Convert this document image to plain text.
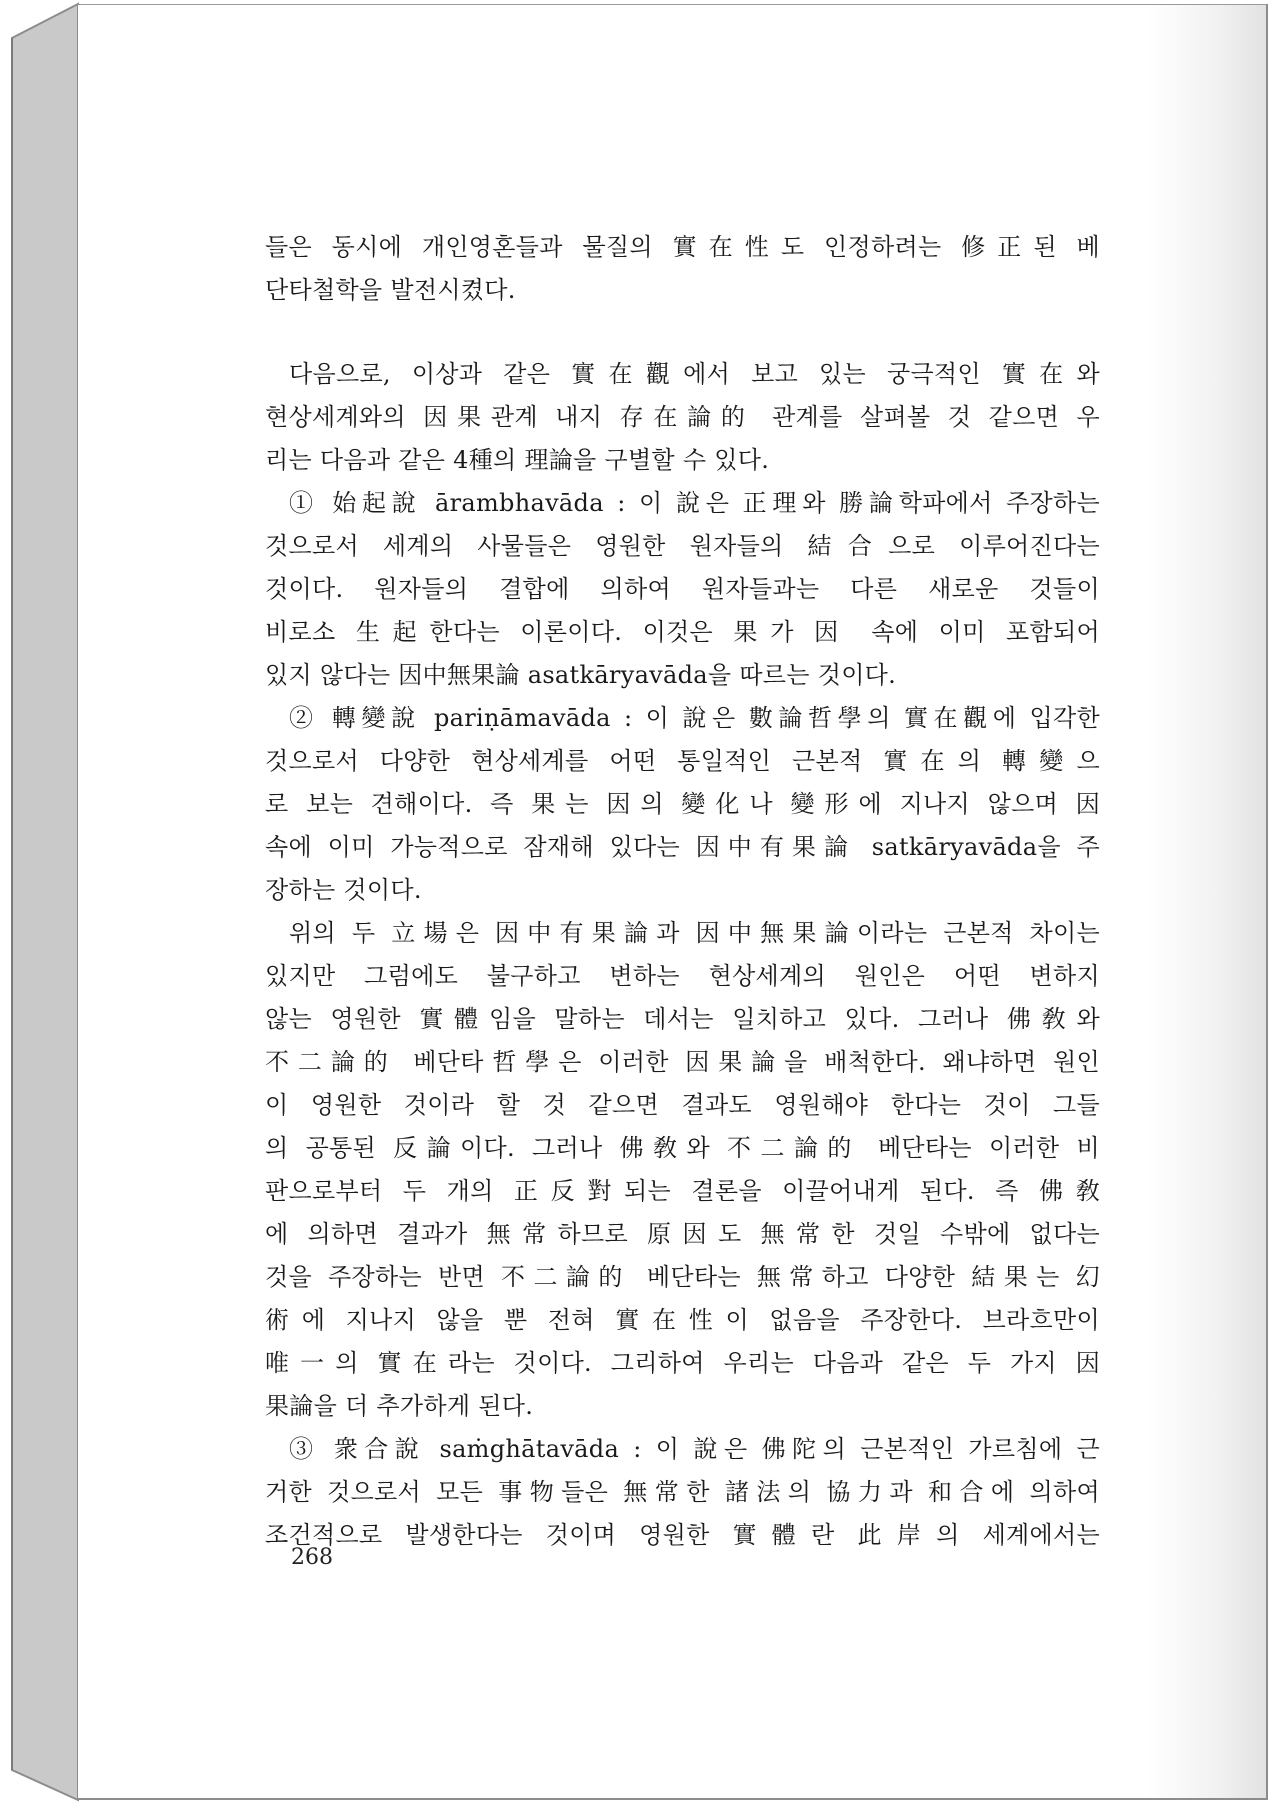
들은 동시에 개인영혼들과 물질의 實在性도 인정하려는 修正된 베
단타철학을 발전시켰다.
다음으로, 이상과 같은 實在觀에서 보고 있는 궁극적인 實在와
현상세계와의 因果관계 내지 存在論的 관계를 살펴볼 것 같으면 우
리는 다음과 같은 4種의 理論을 구별할 수 있다.
① 始起說 ārambhavāda : 이 說은 正理와 勝論학파에서 주장하는
것으로서 세계의 사물들은 영원한 원자들의 結合으로 이루어진다는
것이다. 원자들의 결합에 의하여 원자들과는 다른 새로운 것들이
비로소 生起한다는 이론이다. 이것은 果가 因 속에 이미 포함되어
있지 않다는 因中無果論 asatkāryavāda을 따르는 것이다.
② 轉變說 pariṇāmavāda : 이 說은 數論哲學의 實在觀에 입각한
것으로서 다양한 현상세계를 어떤 통일적인 근본적 實在의 轉變으
로 보는 견해이다. 즉 果는 因의 變化나 變形에 지나지 않으며 因
속에 이미 가능적으로 잠재해 있다는 因中有果論 satkāryavāda을 주
장하는 것이다.
위의 두 立場은 因中有果論과 因中無果論이라는 근본적 차이는
있지만 그럼에도 불구하고 변하는 현상세계의 원인은 어떤 변하지
않는 영원한 實體임을 말하는 데서는 일치하고 있다. 그러나 佛敎와
不二論的 베단타哲學은 이러한 因果論을 배척한다. 왜냐하면 원인
이 영원한 것이라 할 것 같으면 결과도 영원해야 한다는 것이 그들
의 공통된 反論이다. 그러나 佛敎와 不二論的 베단타는 이러한 비
판으로부터 두 개의 正反對되는 결론을 이끌어내게 된다. 즉 佛敎
에 의하면 결과가 無常하므로 原因도 無常한 것일 수밖에 없다는
것을 주장하는 반면 不二論的 베단타는 無常하고 다양한 結果는 幻
術에 지나지 않을 뿐 전혀 實在性이 없음을 주장한다. 브라흐만이
唯一의 實在라는 것이다. 그리하여 우리는 다음과 같은 두 가지 因
果論을 더 추가하게 된다.
③ 衆合說 saṁghātavāda : 이 說은 佛陀의 근본적인 가르침에 근
거한 것으로서 모든 事物들은 無常한 諸法의 協力과 和合에 의하여
조건적으로 발생한다는 것이며 영원한 實體란 此岸의 세계에서는
268
